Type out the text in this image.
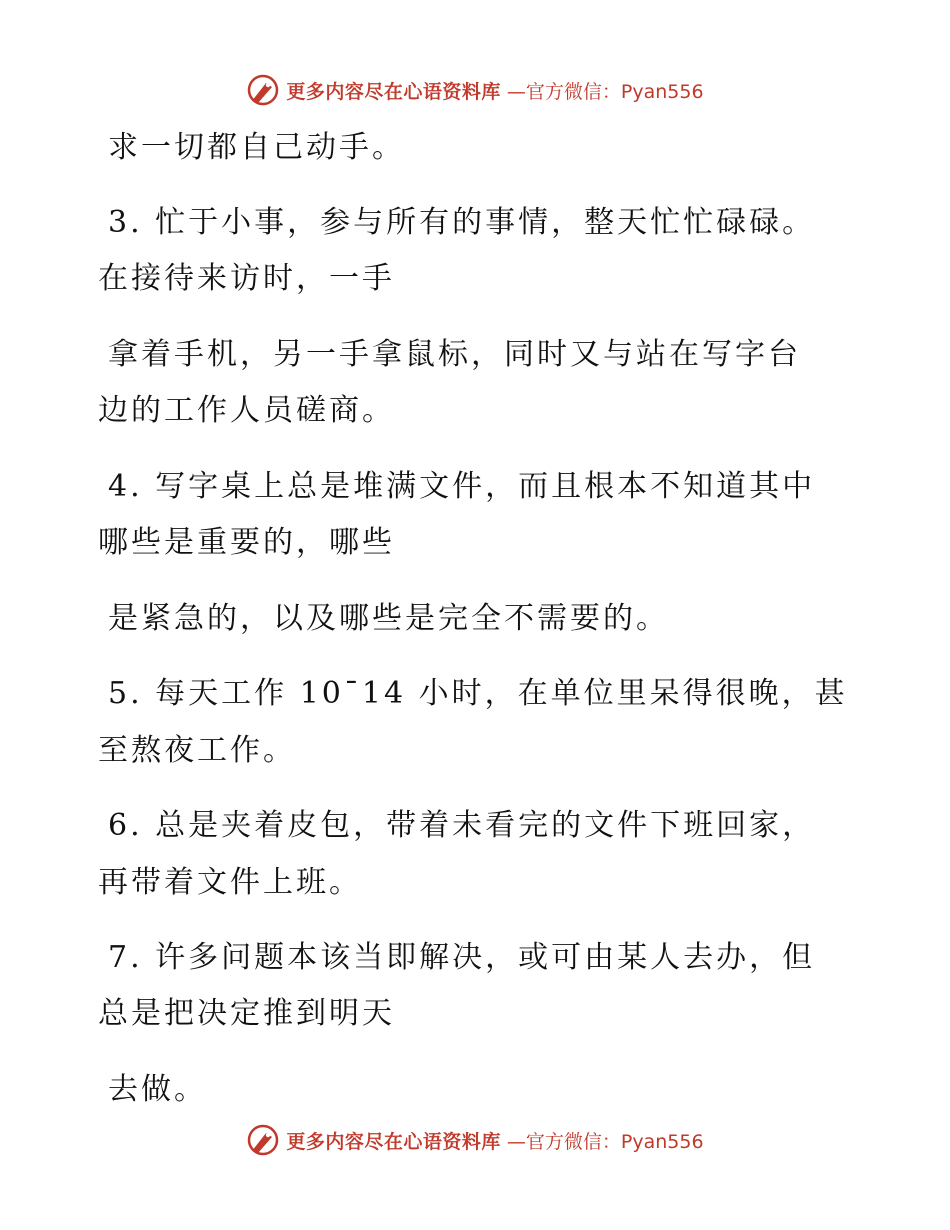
更多内容尽在心语资料库 —官方微信：Pyan556
求一切都自己动手。
3. 忙于小事，参与所有的事情，整天忙忙碌碌。
在接待来访时，一手
拿着手机，另一手拿鼠标，同时又与站在写字台
边的工作人员磋商。
4. 写字桌上总是堆满文件，而且根本不知道其中
哪些是重要的，哪些
是紧急的，以及哪些是完全不需要的。
5. 每天工作 10¯14 小时，在单位里呆得很晚，甚
至熬夜工作。
6. 总是夹着皮包，带着未看完的文件下班回家，
再带着文件上班。
7. 许多问题本该当即解决，或可由某人去办，但
总是把决定推到明天
去做。
更多内容尽在心语资料库 —官方微信：Pyan556
